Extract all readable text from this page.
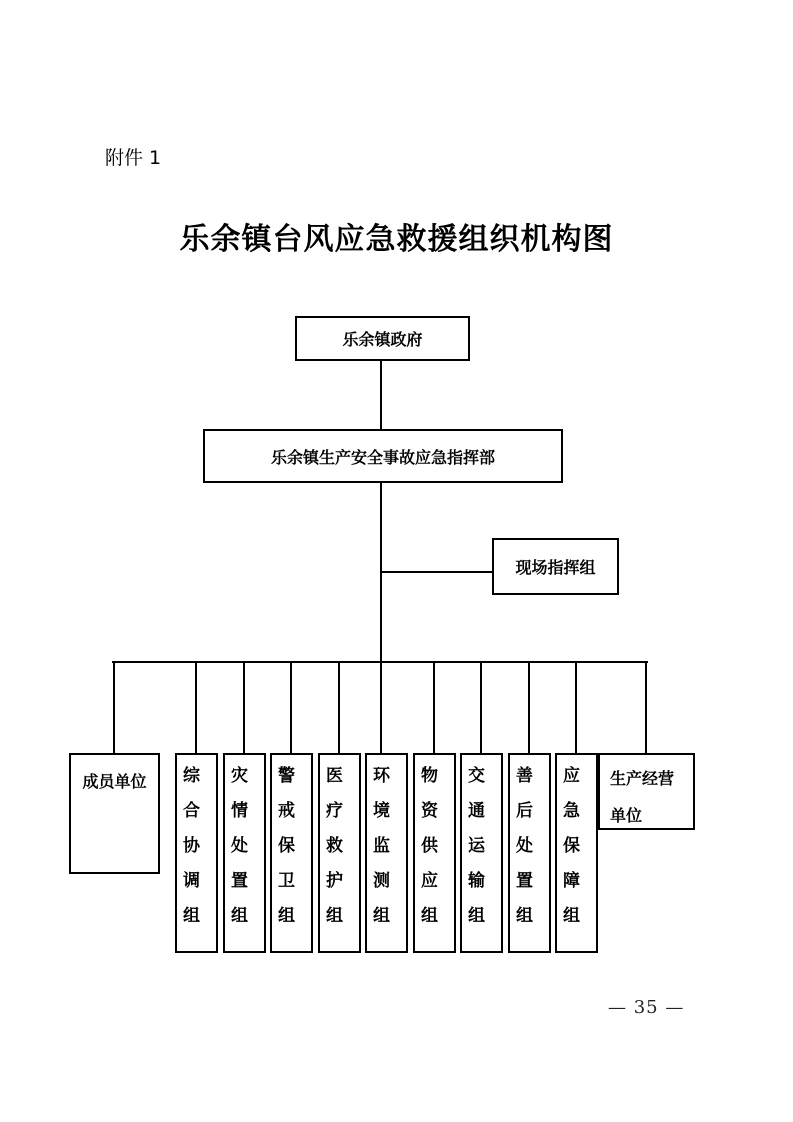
附件 1
乐余镇台风应急救援组织机构图
乐余镇政府
乐余镇生产安全事故应急指挥部
现场指挥组
成员单位 综合协调组	灾情处置组	警戒保卫组	医疗救护组	环境监测组	物资供应组	交通运输组	善后处置组	应急保障组	生产经营单位
— 35 —
